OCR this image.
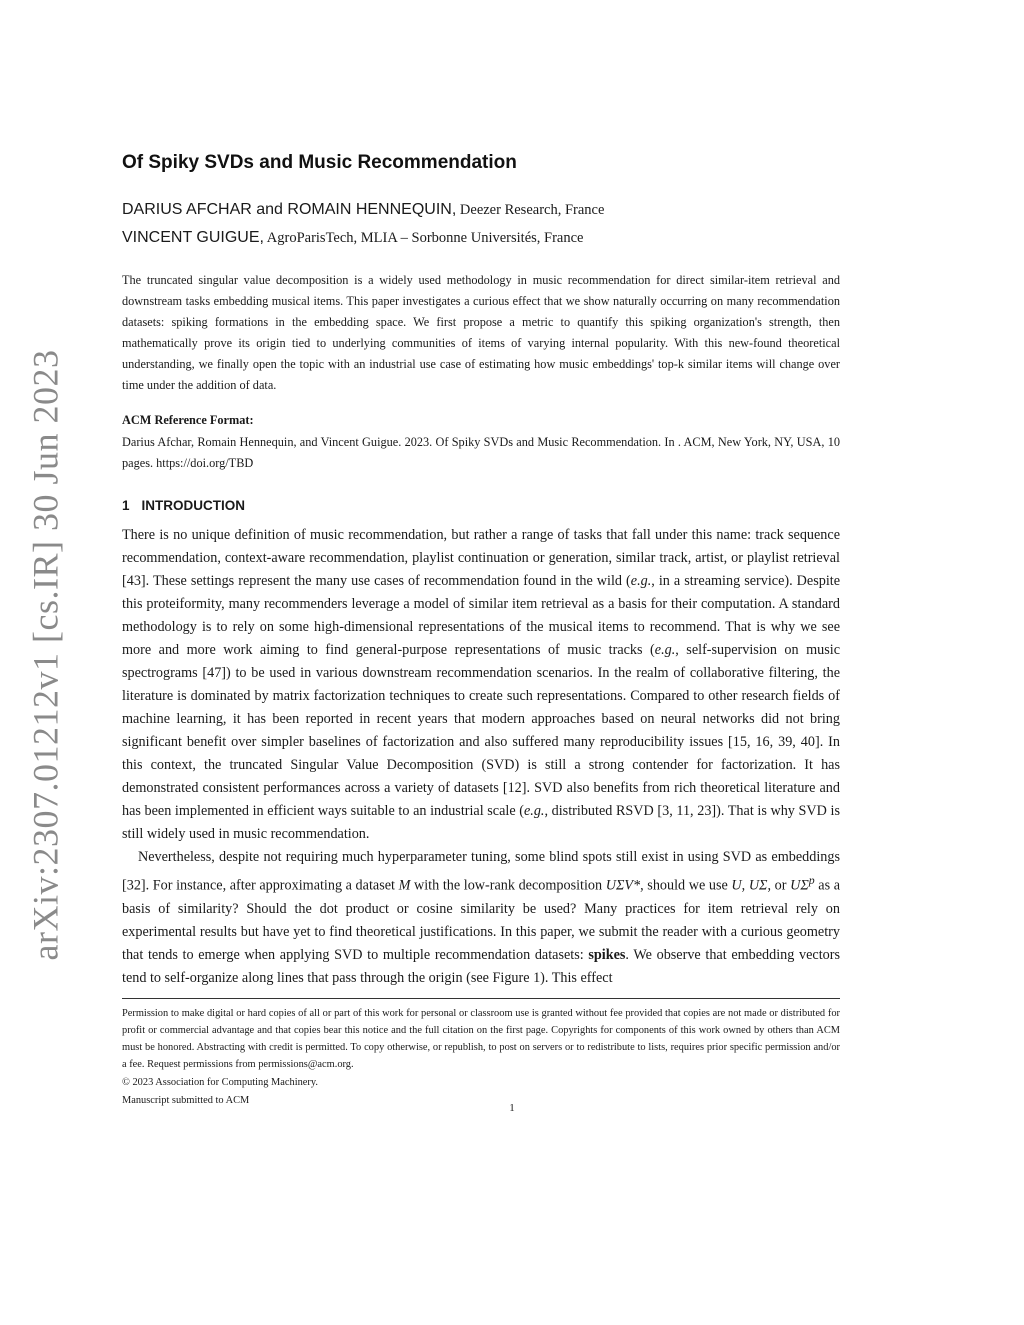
arXiv:2307.01212v1 [cs.IR] 30 Jun 2023
Of Spiky SVDs and Music Recommendation

DARIUS AFCHAR and ROMAIN HENNEQUIN, Deezer Research, France

VINCENT GUIGUE, AgroParisTech, MLIA – Sorbonne Universités, France

The truncated singular value decomposition is a widely used methodology in music recommendation for direct similar-item retrieval and downstream tasks embedding musical items. This paper investigates a curious effect that we show naturally occurring on many recommendation datasets: spiking formations in the embedding space. We first propose a metric to quantify this spiking organization's strength, then mathematically prove its origin tied to underlying communities of items of varying internal popularity. With this new-found theoretical understanding, we finally open the topic with an industrial use case of estimating how music embeddings' top-k similar items will change over time under the addition of data.

ACM Reference Format:

Darius Afchar, Romain Hennequin, and Vincent Guigue. 2023. Of Spiky SVDs and Music Recommendation. In . ACM, New York, NY, USA, 10 pages. https://doi.org/TBD

1 INTRODUCTION

There is no unique definition of music recommendation, but rather a range of tasks that fall under this name: track sequence recommendation, context-aware recommendation, playlist continuation or generation, similar track, artist, or playlist retrieval [43]. These settings represent the many use cases of recommendation found in the wild (e.g., in a streaming service). Despite this proteiformity, many recommenders leverage a model of similar item retrieval as a basis for their computation. A standard methodology is to rely on some high-dimensional representations of the musical items to recommend. That is why we see more and more work aiming to find general-purpose representations of music tracks (e.g., self-supervision on music spectrograms [47]) to be used in various downstream recommendation scenarios. In the realm of collaborative filtering, the literature is dominated by matrix factorization techniques to create such representations. Compared to other research fields of machine learning, it has been reported in recent years that modern approaches based on neural networks did not bring significant benefit over simpler baselines of factorization and also suffered many reproducibility issues [15, 16, 39, 40]. In this context, the truncated Singular Value Decomposition (SVD) is still a strong contender for factorization. It has demonstrated consistent performances across a variety of datasets [12]. SVD also benefits from rich theoretical literature and has been implemented in efficient ways suitable to an industrial scale (e.g., distributed RSVD [3, 11, 23]). That is why SVD is still widely used in music recommendation.

Nevertheless, despite not requiring much hyperparameter tuning, some blind spots still exist in using SVD as embeddings [32]. For instance, after approximating a dataset M with the low-rank decomposition UΣV*, should we use U, UΣ, or $U\Sigma^p$ as a basis of similarity? Should the dot product or cosine similarity be used? Many practices for item retrieval rely on experimental results but have yet to find theoretical justifications. In this paper, we submit the reader with a curious geometry that tends to emerge when applying SVD to multiple recommendation datasets: spikes. We observe that embedding vectors tend to self-organize along lines that pass through the origin (see Figure 1). This effect

Permission to make digital or hard copies of all or part of this work for personal or classroom use is granted without fee provided that copies are not made or distributed for profit or commercial advantage and that copies bear this notice and the full citation on the first page. Copyrights for components of this work owned by others than ACM must be honored. Abstracting with credit is permitted. To copy otherwise, or republish, to post on servers or to redistribute to lists, requires prior specific permission and/or a fee. Request permissions from permissions@acm.org.

© 2023 Association for Computing Machinery.

Manuscript submitted to ACM

1
